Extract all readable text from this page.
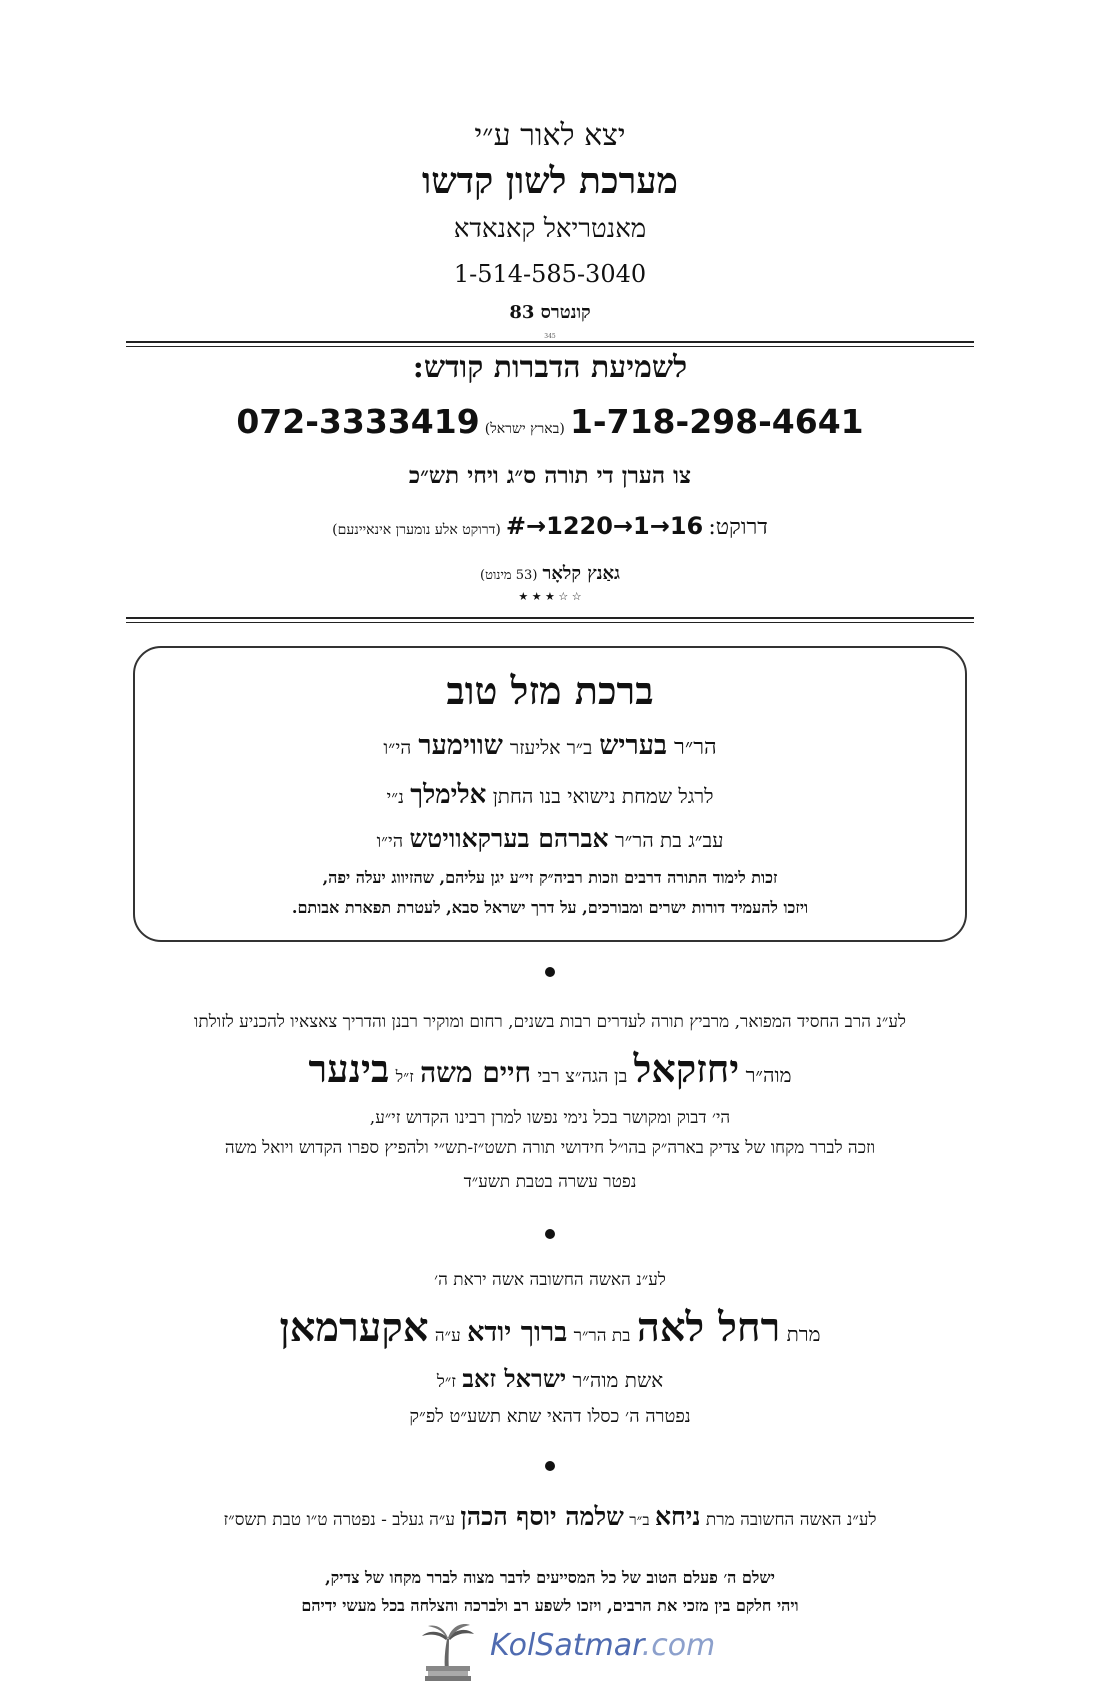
יצא לאור ע״י
מערכת לשון קדשו
מאנטריאל קאנאדא
1-514-585-3040
קונטרס 83
345
לשמיעת הדברות קודש:
072-3333419 (בארץ ישראל) 1-718-298-4641
צו הערן די תורה ס״ג ויחי תש״כ
דרוקט: #→1220→1→16 (דרוקט אלע נומערן אינאיינעם)
גאַנץ קלאָר (53 מינוט)
★ ★ ★ ☆ ☆
ברכת מזל טוב
הר״ר בעריש ב״ר אליעזר שווימער הי״ו
לרגל שמחת נישואי בנו החתן אלימלך נ״י
עב״ג בת הר״ר אברהם בערקאוויטש הי״ו
זכות לימוד התורה דרבים וזכות רביה״ק זי״ע יגן עליהם, שהזיווג יעלה יפה,
ויזכו להעמיד דורות ישרים ומבורכים, על דרך ישראל סבא, לעטרת תפארת אבותם.
לע״נ הרב החסיד המפואר, מרביץ תורה לעדרים רבות בשנים, רחום ומוקיר רבנן והדריך צאצאיו להכניע לזולתו
מוה״ר יחזקאל בן הגה״צ רבי חיים משה ז״ל בינער
הי׳ דבוק ומקושר בכל נימי נפשו למרן רבינו הקדוש זי״ע,
וזכה לברר מקחו של צדיק בארה״ק בהו״ל חידושי תורה תשט״ז-תש״י ולהפיץ ספרו הקדוש ויואל משה
נפטר עשרה בטבת תשע״ד
לע״נ האשה החשובה אשה יראת ה׳
מרת רחל לאה בת הר״ר ברוך יודא ע״ה אקערמאן
אשת מוה״ר ישראל זאב ז״ל
נפטרה ה׳ כסלו דהאי שתא תשע״ט לפ״ק
לע״נ האשה החשובה מרת ניחא ב״ר שלמה יוסף הכהן ע״ה געלב - נפטרה ט״ו טבת תשס״ז
ישלם ה׳ פעלם הטוב של כל המסייעים לדבר מצוה לברר מקחו של צדיק,
ויהי חלקם בין מזכי את הרבים, ויזכו לשפע רב ולברכה והצלחה בכל מעשי ידיהם
KolSatmar.com
